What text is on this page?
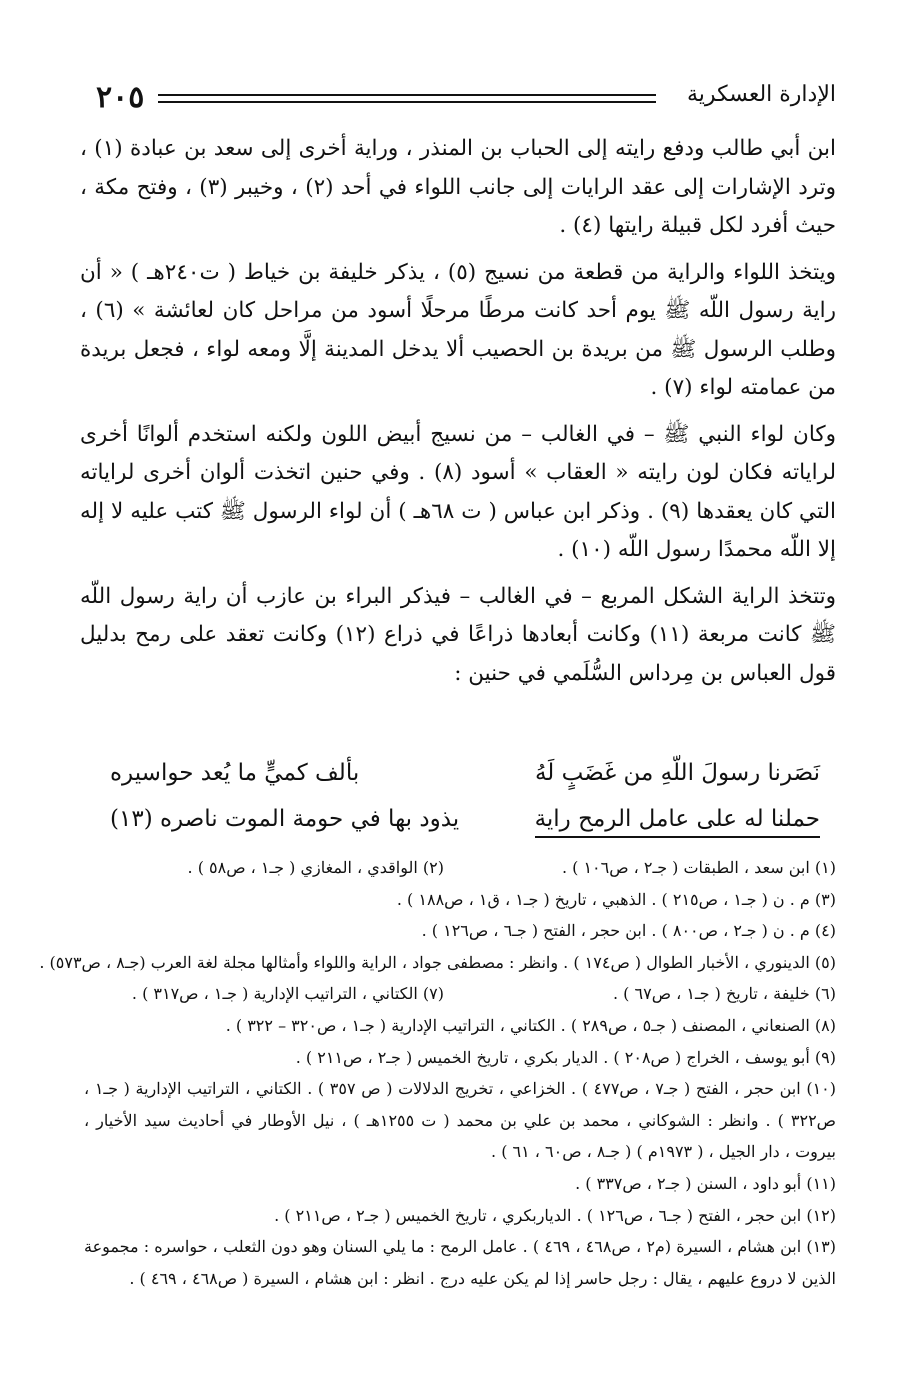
٢٠٥	الإدارة العسكرية

ابن أبي طالب ودفع رايته إلى الحباب بن المنذر ، وراية أخرى إلى سعد بن عبادة (١) ، وترد الإشارات إلى عقد الرايات إلى جانب اللواء في أحد (٢) ، وخيبر (٣) ، وفتح مكة ، حيث أفرد لكل قبيلة رايتها (٤) .

ويتخذ اللواء والراية من قطعة من نسيج (٥) ، يذكر خليفة بن خياط ( ت٢٤٠هـ ) « أن راية رسول اللّه ﷺ يوم أحد كانت مرطًا مرحلًا أسود من مراحل كان لعائشة » (٦) ، وطلب الرسول ﷺ من بريدة بن الحصيب ألا يدخل المدينة إلَّا ومعه لواء ، فجعل بريدة من عمامته لواء (٧) .

وكان لواء النبي ﷺ – في الغالب – من نسيج أبيض اللون ولكنه استخدم ألوانًا أخرى لراياته فكان لون رايته « العقاب » أسود (٨) . وفي حنين اتخذت ألوان أخرى لراياته التي كان يعقدها (٩) . وذكر ابن عباس ( ت ٦٨هـ ) أن لواء الرسول ﷺ كتب عليه لا إله إلا اللّه محمدًا رسول اللّه (١٠) .

وتتخذ الراية الشكل المربع – في الغالب – فيذكر البراء بن عازب أن راية رسول اللّه ﷺ كانت مربعة (١١) وكانت أبعادها ذراعًا في ذراع (١٢) وكانت تعقد على رمح بدليل قول العباس بن مِرداس السُّلَمي في حنين :

نَصَرنا رسولَ اللّهِ من غَضَبٍ لَهُ
بألف كميٍّ ما يُعد حواسيره
حملنا له على عامل الرمح راية
يذود بها في حومة الموت ناصره (١٣)
(١) ابن سعد ، الطبقات ( جـ٢ ، ص١٠٦ ) .
(٢) الواقدي ، المغازي ( جـ١ ، ص٥٨ ) .
(٣) م . ن ( جـ١ ، ص٢١٥ ) . الذهبي ، تاريخ ( جـ١ ، ق١ ، ص١٨٨ ) .
(٤) م . ن ( جـ٢ ، ص٨٠٠ ) . ابن حجر ، الفتح ( جـ٦ ، ص١٢٦ ) .
(٥) الدينوري ، الأخبار الطوال ( ص١٧٤ ) . وانظر : مصطفى جواد ، الراية واللواء وأمثالها مجلة لغة العرب (جـ٨ ، ص٥٧٣) .
(٦) خليفة ، تاريخ ( جـ١ ، ص٦٧ ) .
(٧) الكتاني ، التراتيب الإدارية ( جـ١ ، ص٣١٧ ) .
(٨) الصنعاني ، المصنف ( جـ٥ ، ص٢٨٩ ) . الكتاني ، التراتيب الإدارية ( جـ١ ، ص٣٢٠ – ٣٢٢ ) .
(٩) أبو يوسف ، الخراج ( ص٢٠٨ ) . الديار بكري ، تاريخ الخميس ( جـ٢ ، ص٢١١ ) .
(١٠) ابن حجر ، الفتح ( جـ٧ ، ص٤٧٧ ) . الخزاعي ، تخريج الدلالات ( ص ٣٥٧ ) . الكتاني ، التراتيب الإدارية ( جـ١ ، ص٣٢٢ ) . وانظر : الشوكاني ، محمد بن علي بن محمد ( ت ١٢٥٥هـ ) ، نيل الأوطار في أحاديث سيد الأخيار ، بيروت ، دار الجيل ، ( ١٩٧٣م ) ( جـ٨ ، ص٦٠ ، ٦١ ) .
(١١) أبو داود ، السنن ( جـ٢ ، ص٣٣٧ ) .
(١٢) ابن حجر ، الفتح ( جـ٦ ، ص١٢٦ ) . الدياربكري ، تاريخ الخميس ( جـ٢ ، ص٢١١ ) .
(١٣) ابن هشام ، السيرة (م٢ ، ص٤٦٨ ، ٤٦٩ ) . عامل الرمح : ما يلي السنان وهو دون الثعلب ، حواسره : مجموعة الذين لا دروع عليهم ، يقال : رجل حاسر إذا لم يكن عليه درج . انظر : ابن هشام ، السيرة ( ص٤٦٨ ، ٤٦٩ ) .
